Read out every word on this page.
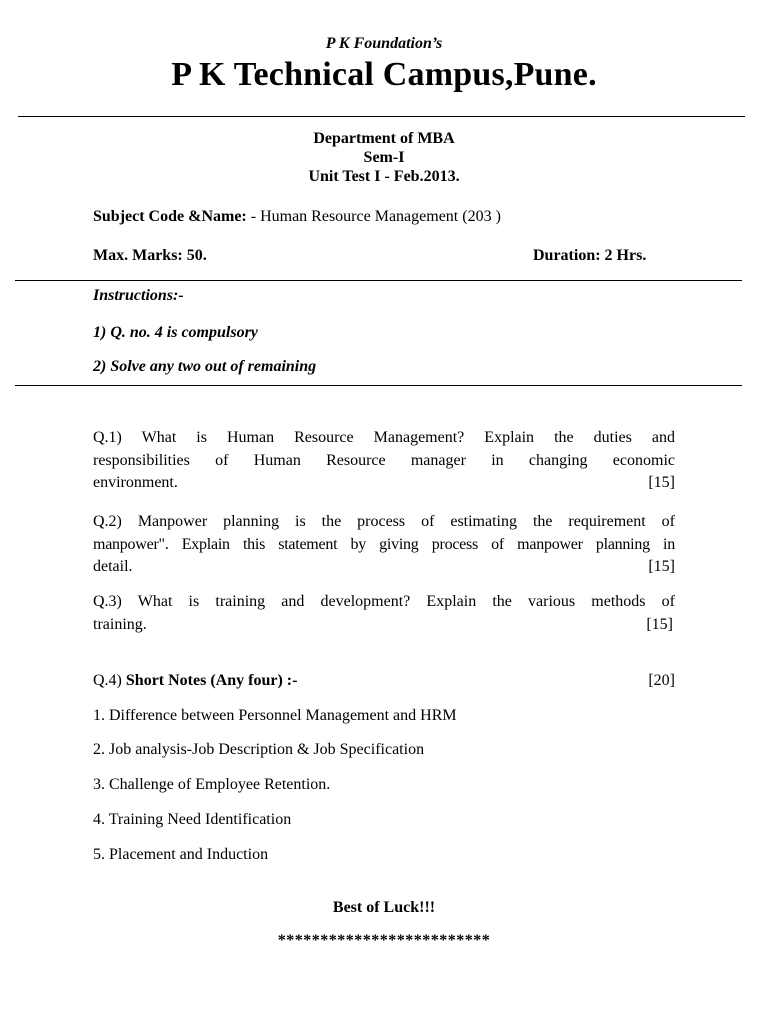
P K Foundation’s
P K Technical Campus,Pune.
Department of MBA
Sem-I
Unit Test I - Feb.2013.
Subject Code &Name: - Human Resource Management (203 )
Max. Marks: 50.	Duration: 2 Hrs.
Instructions:-
1) Q. no. 4 is compulsory
2) Solve any two out of remaining
Q.1) What is Human Resource Management? Explain the duties and
responsibilities of Human Resource manager in changing economic
environment.	[15]
Q.2) Manpower planning is the process of estimating the requirement of
manpower". Explain this statement by giving process of manpower planning in
detail.	[15]
Q.3) What is training and development? Explain the various methods of
training.	[15]
Q.4) Short Notes (Any four) :-	[20]
1. Difference between Personnel Management and HRM
2. Job analysis-Job Description & Job Specification
3. Challenge of Employee Retention.
4. Training Need Identification
5. Placement and Induction
Best of Luck!!!
*************************
